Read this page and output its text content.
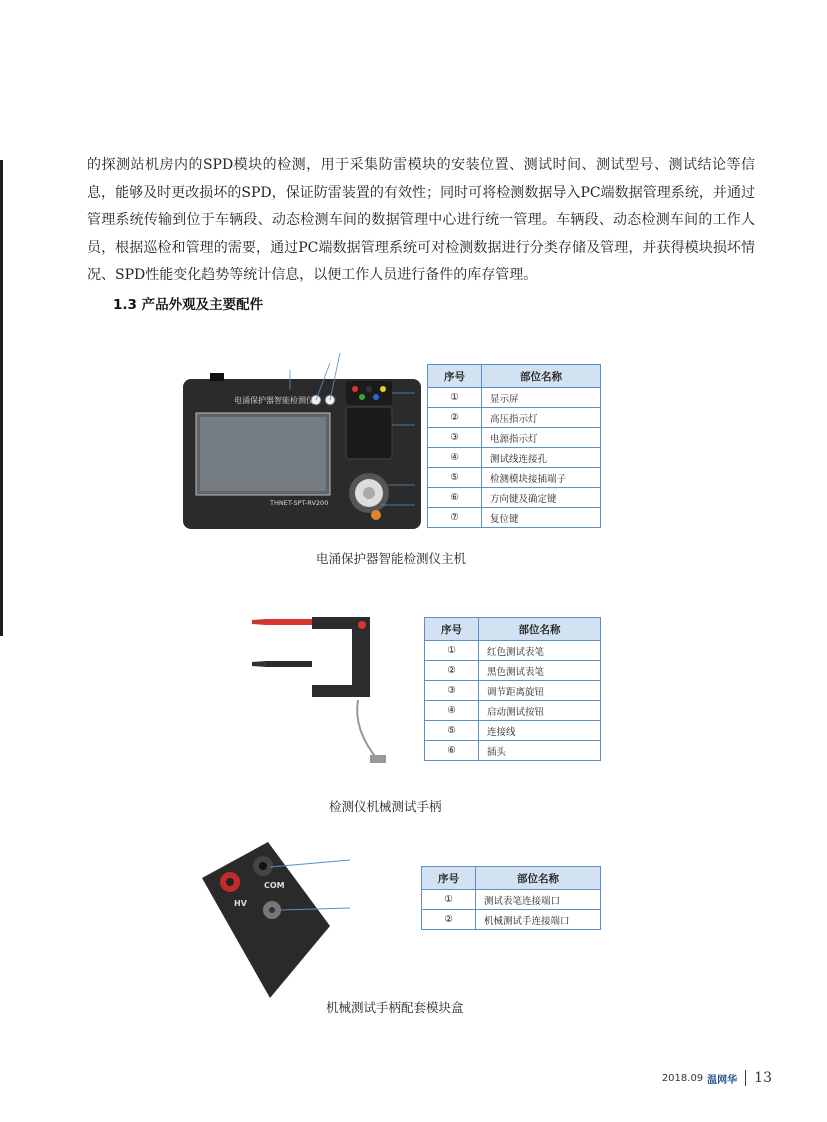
的探测站机房内的SPD模块的检测，用于采集防雷模块的安装位置、测试时间、测试型号、测试结论等信息，能够及时更改损坏的SPD，保证防雷装置的有效性；同时可将检测数据导入PC端数据管理系统，并通过管理系统传输到位于车辆段、动态检测车间的数据管理中心进行统一管理。车辆段、动态检测车间的工作人员，根据巡检和管理的需要，通过PC端数据管理系统可对检测数据进行分类存储及管理，并获得模块损坏情况、SPD性能变化趋势等统计信息，以便工作人员进行备件的库存管理。

1.3 产品外观及主要配件
电涌保护器智能检测仪
THNET-SPT-RV200
序号	部位名称
①	显示屏
②	高压指示灯
③	电源指示灯
④	测试线连接孔
⑤	检测模块接插端子
⑥	方向键及确定键
⑦	复位键
电涌保护器智能检测仪主机
序号	部位名称
①	红色测试表笔
②	黑色测试表笔
③	调节距离旋钮
④	启动测试按钮
⑤	连接线
⑥	插头
检测仪机械测试手柄
HV
COM
序号	部位名称
①	测试表笔连接端口
②	机械测试手连接端口
机械测试手柄配套模块盒
2018.09 温网华 13
